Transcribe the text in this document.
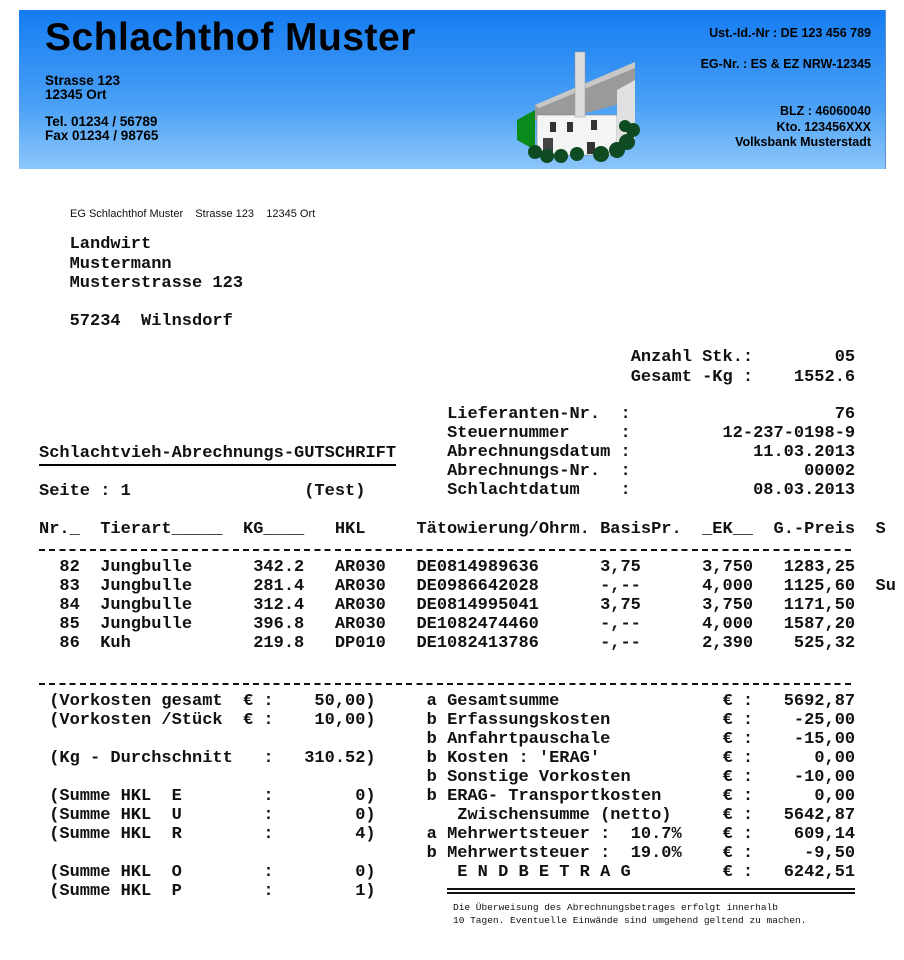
Schlachthof Muster
Strasse 123
12345 Ort
Tel. 01234 / 56789
Fax 01234 / 98765
Ust.-Id.-Nr : DE 123 456 789
EG-Nr. : ES & EZ NRW-12345
BLZ : 46060040
Kto. 123456XXX
Volksbank Musterstadt
EG Schlachthof Muster    Strasse 123    12345 Ort
Landwirt
Mustermann
Musterstrasse 123
57234  Wilnsdorf
Anzahl Stk.:	05
Gesamt -Kg :	1552.6
Lieferanten-Nr. :	76
Steuernummer	:	12-237-0198-9
Abrechnungsdatum :	11.03.2013
Abrechnungs-Nr. :	00002
Schlachtdatum :	08.03.2013
Schlachtvieh-Abrechnungs-GUTSCHRIFT
Seite : 1	(Test)
Nr._ Tierart_____ KG____ HKL	Tätowierung/Ohrm. BasisPr. _EK__ G.-Preis S
82 Jungbulle	342.2 AR030 DE0814989636	3,75	3,750	1283,25
83 Jungbulle	281.4 AR030 DE0986642028	-,--	4,000	1125,60 Su
84 Jungbulle	312.4 AR030 DE0814995041	3,75	3,750	1171,50
85 Jungbulle	396.8 AR030 DE1082474460	-,--	4,000	1587,20
86 Kuh	219.8 DP010 DE1082413786	-,--	2,390	525,32
(Vorkosten gesamt € :	50,00)
(Vorkosten /Stück € :	10,00)
(Kg - Durchschnitt :	310.52)
(Summe HKL  E	:	0)
(Summe HKL  U	:	0)
(Summe HKL  R	:	4)
(Summe HKL  O	:	0)
(Summe HKL  P	:	1)
a Gesamtsumme	€ :	5692,87
b Erfassungskosten	€ :	-25,00
b Anfahrtpauschale	€ :	-15,00
b Kosten : 'ERAG'	€ :	0,00
b Sonstige Vorkosten	€ :	-10,00
b ERAG- Transportkosten	€ :	0,00
Zwischensumme (netto)	€ :	5642,87
a Mehrwertsteuer :  10.7% € :	609,14
b Mehrwertsteuer :  19.0% € :	-9,50
E N D B E T R A G	€ :	6242,51
Die Überweisung des Abrechnungsbetrages erfolgt innerhalb
10 Tagen. Eventuelle Einwände sind umgehend geltend zu machen.
